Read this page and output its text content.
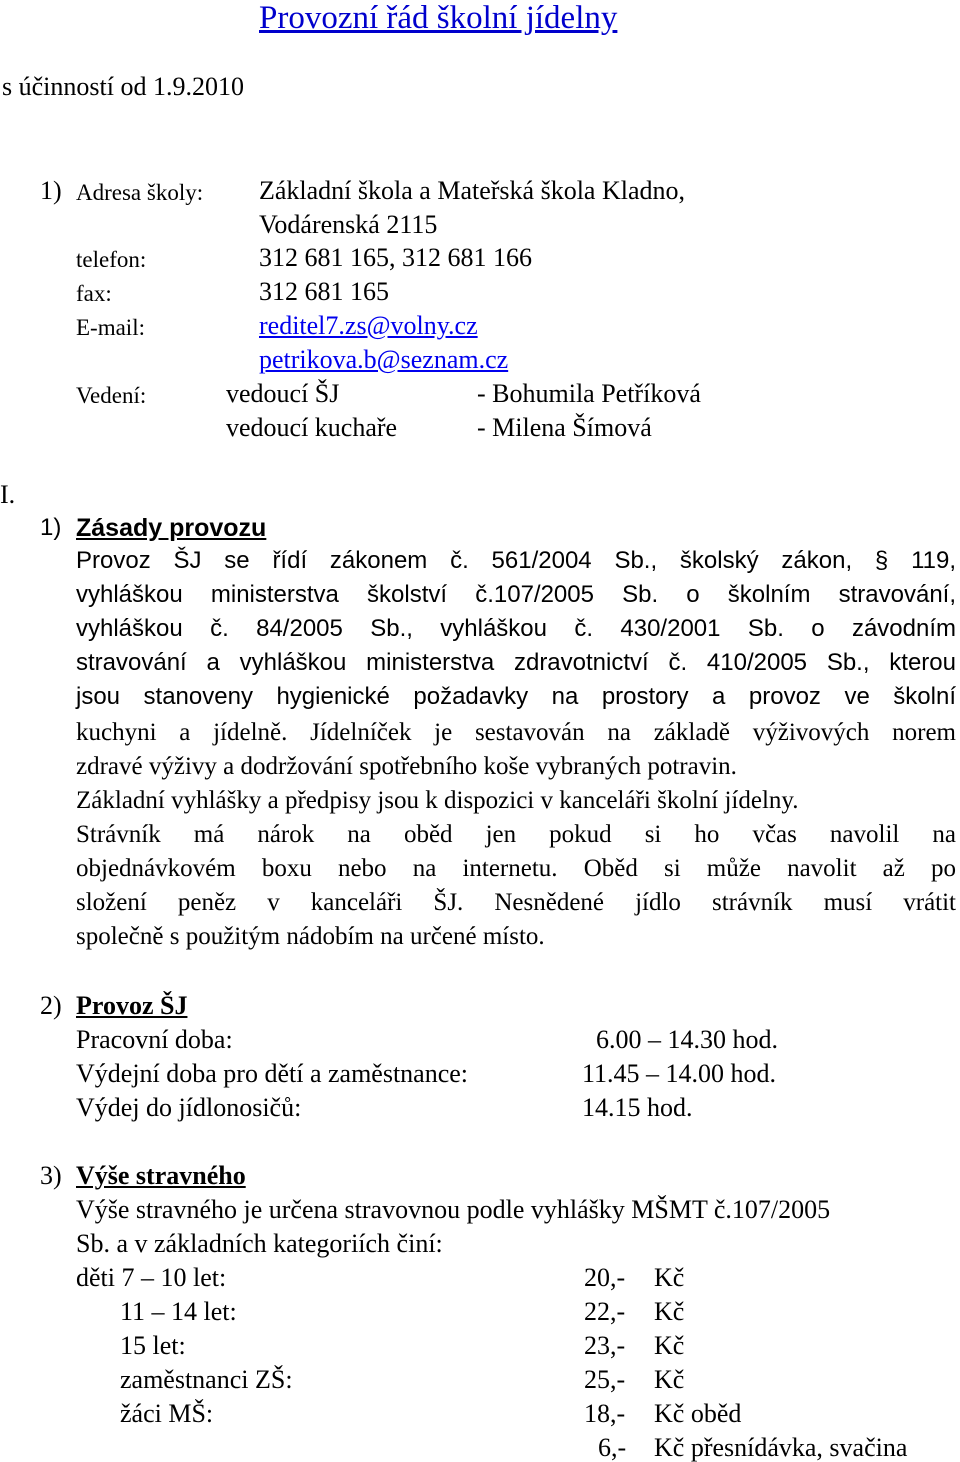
Provozní řád školní jídelny
s účinností od 1.9.2010
1) Adresa školy: Základní škola a Mateřská škola Kladno,
Vodárenská 2115
telefon:	312 681 165, 312 681 166
fax:	312 681 165
E-mail:	reditel7.zs@volny.cz
petrikova.b@seznam.cz
Vedení:	vedoucí ŠJ	- Bohumila Petříková
vedoucí kuchaře	- Milena Šímová
I.
1) Zásady provozu
Provoz ŠJ se řídí zákonem č. 561/2004 Sb., školský zákon, § 119,
vyhláškou ministerstva školství č.107/2005 Sb. o školním stravování,
vyhláškou č. 84/2005 Sb., vyhláškou č. 430/2001 Sb. o závodním
stravování a vyhláškou ministerstva zdravotnictví č. 410/2005 Sb., kterou
jsou stanoveny hygienické požadavky na prostory a provoz ve školní
kuchyni a jídelně. Jídelníček je sestavován na základě výživových norem
zdravé výživy a dodržování spotřebního koše vybraných potravin.
Základní vyhlášky a předpisy jsou k dispozici v kanceláři školní jídelny.
Strávník má nárok na oběd jen pokud si ho včas navolil na
objednávkovém boxu nebo na internetu. Oběd si může navolit až po
složení peněz v kanceláři ŠJ. Nesnědené jídlo strávník musí vrátit
společně s použitým nádobím na určené místo.
2) Provoz ŠJ
Pracovní doba:	6.00 – 14.30 hod.
Výdejní doba pro dětí a zaměstnance:	11.45 – 14.00 hod.
Výdej do jídlonosičů:	14.15 hod.
3) Výše stravného
Výše stravného je určena stravovnou podle vyhlášky MŠMT č.107/2005
Sb. a v základních kategoriích činí:
děti 7 – 10 let:	20,- Kč
11 – 14 let:	22,- Kč
15 let:	23,- Kč
zaměstnanci ZŠ:	25,- Kč
žáci MŠ:	18,- Kč oběd
6,- Kč přesnídávka, svačina
